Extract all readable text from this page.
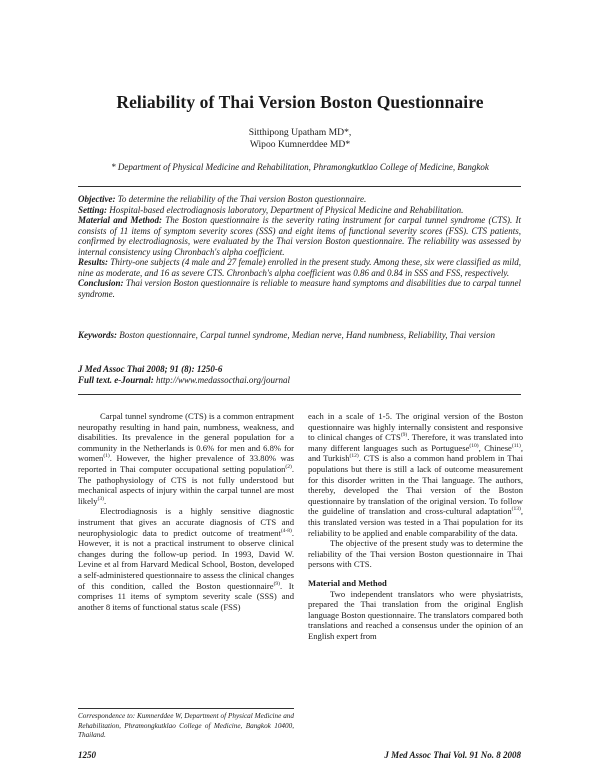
Reliability of Thai Version Boston Questionnaire
Sitthipong Upatham MD*,
Wipoo Kumnerddee MD*
* Department of Physical Medicine and Rehabilitation, Phramongkutklao College of Medicine, Bangkok
Objective: To determine the reliability of the Thai version Boston questionnaire.
Setting: Hospital-based electrodiagnosis laboratory, Department of Physical Medicine and Rehabilitation.
Material and Method: The Boston questionnaire is the severity rating instrument for carpal tunnel syndrome (CTS). It consists of 11 items of symptom severity scores (SSS) and eight items of functional severity scores (FSS). CTS patients, confirmed by electrodiagnosis, were evaluated by the Thai version Boston questionnaire. The reliability was assessed by internal consistency using Chronbach's alpha coefficient.
Results: Thirty-one subjects (4 male and 27 female) enrolled in the present study. Among these, six were classified as mild, nine as moderate, and 16 as severe CTS. Chronbach's alpha coefficient was 0.86 and 0.84 in SSS and FSS, respectively.
Conclusion: Thai version Boston questionnaire is reliable to measure hand symptoms and disabilities due to carpal tunnel syndrome.
Keywords: Boston questionnaire, Carpal tunnel syndrome, Median nerve, Hand numbness, Reliability, Thai version
J Med Assoc Thai 2008; 91 (8): 1250-6
Full text. e-Journal: http://www.medassocthai.org/journal

Carpal tunnel syndrome (CTS) is a common entrapment neuropathy resulting in hand pain, numbness, weakness, and disabilities. Its prevalence in the general population for a community in the Netherlands is 0.6% for men and 6.8% for women$^{(1)}$. However, the higher prevalence of 33.80% was reported in Thai computer occupational setting population$^{(2)}$. The pathophysiology of CTS is not fully understood but mechanical aspects of injury within the carpal tunnel are most likely$^{(3)}$.

Electrodiagnosis is a highly sensitive diagnostic instrument that gives an accurate diagnosis of CTS and neurophysiologic data to predict outcome of treatment$^{(4-8)}$. However, it is not a practical instrument to observe clinical changes during the follow-up period. In 1993, David W. Levine et al from Harvard Medical School, Boston, developed a self-administered questionnaire to assess the clinical changes of this condition, called the Boston questionnaire$^{(9)}$. It comprises 11 items of symptom severity scale (SSS) and another 8 items of functional status scale (FSS)

each in a scale of 1-5. The original version of the Boston questionnaire was highly internally consistent and responsive to clinical changes of CTS$^{(9)}$. Therefore, it was translated into many different languages such as Portuguese$^{(10)}$, Chinese$^{(11)}$, and Turkish$^{(12)}$. CTS is also a common hand problem in Thai populations but there is still a lack of outcome measurement for this disorder written in the Thai language. The authors, thereby, developed the Thai version of the Boston questionnaire by translation of the original version. To follow the guideline of translation and cross-cultural adaptation$^{(13)}$, this translated version was tested in a Thai population for its reliability to be applied and enable comparability of the data.

The objective of the present study was to determine the reliability of the Thai version Boston questionnaire in Thai persons with CTS.

Material and Method

Two independent translators who were physiatrists, prepared the Thai translation from the original English language Boston questionnaire. The translators compared both translations and reached a consensus under the opinion of an English expert from

Correspondence to: Kumnerddee W, Department of Physical Medicine and Rehabilitation, Phramongkutklao College of Medicine, Bangkok 10400, Thailand.
1250	J Med Assoc Thai Vol. 91 No. 8 2008
